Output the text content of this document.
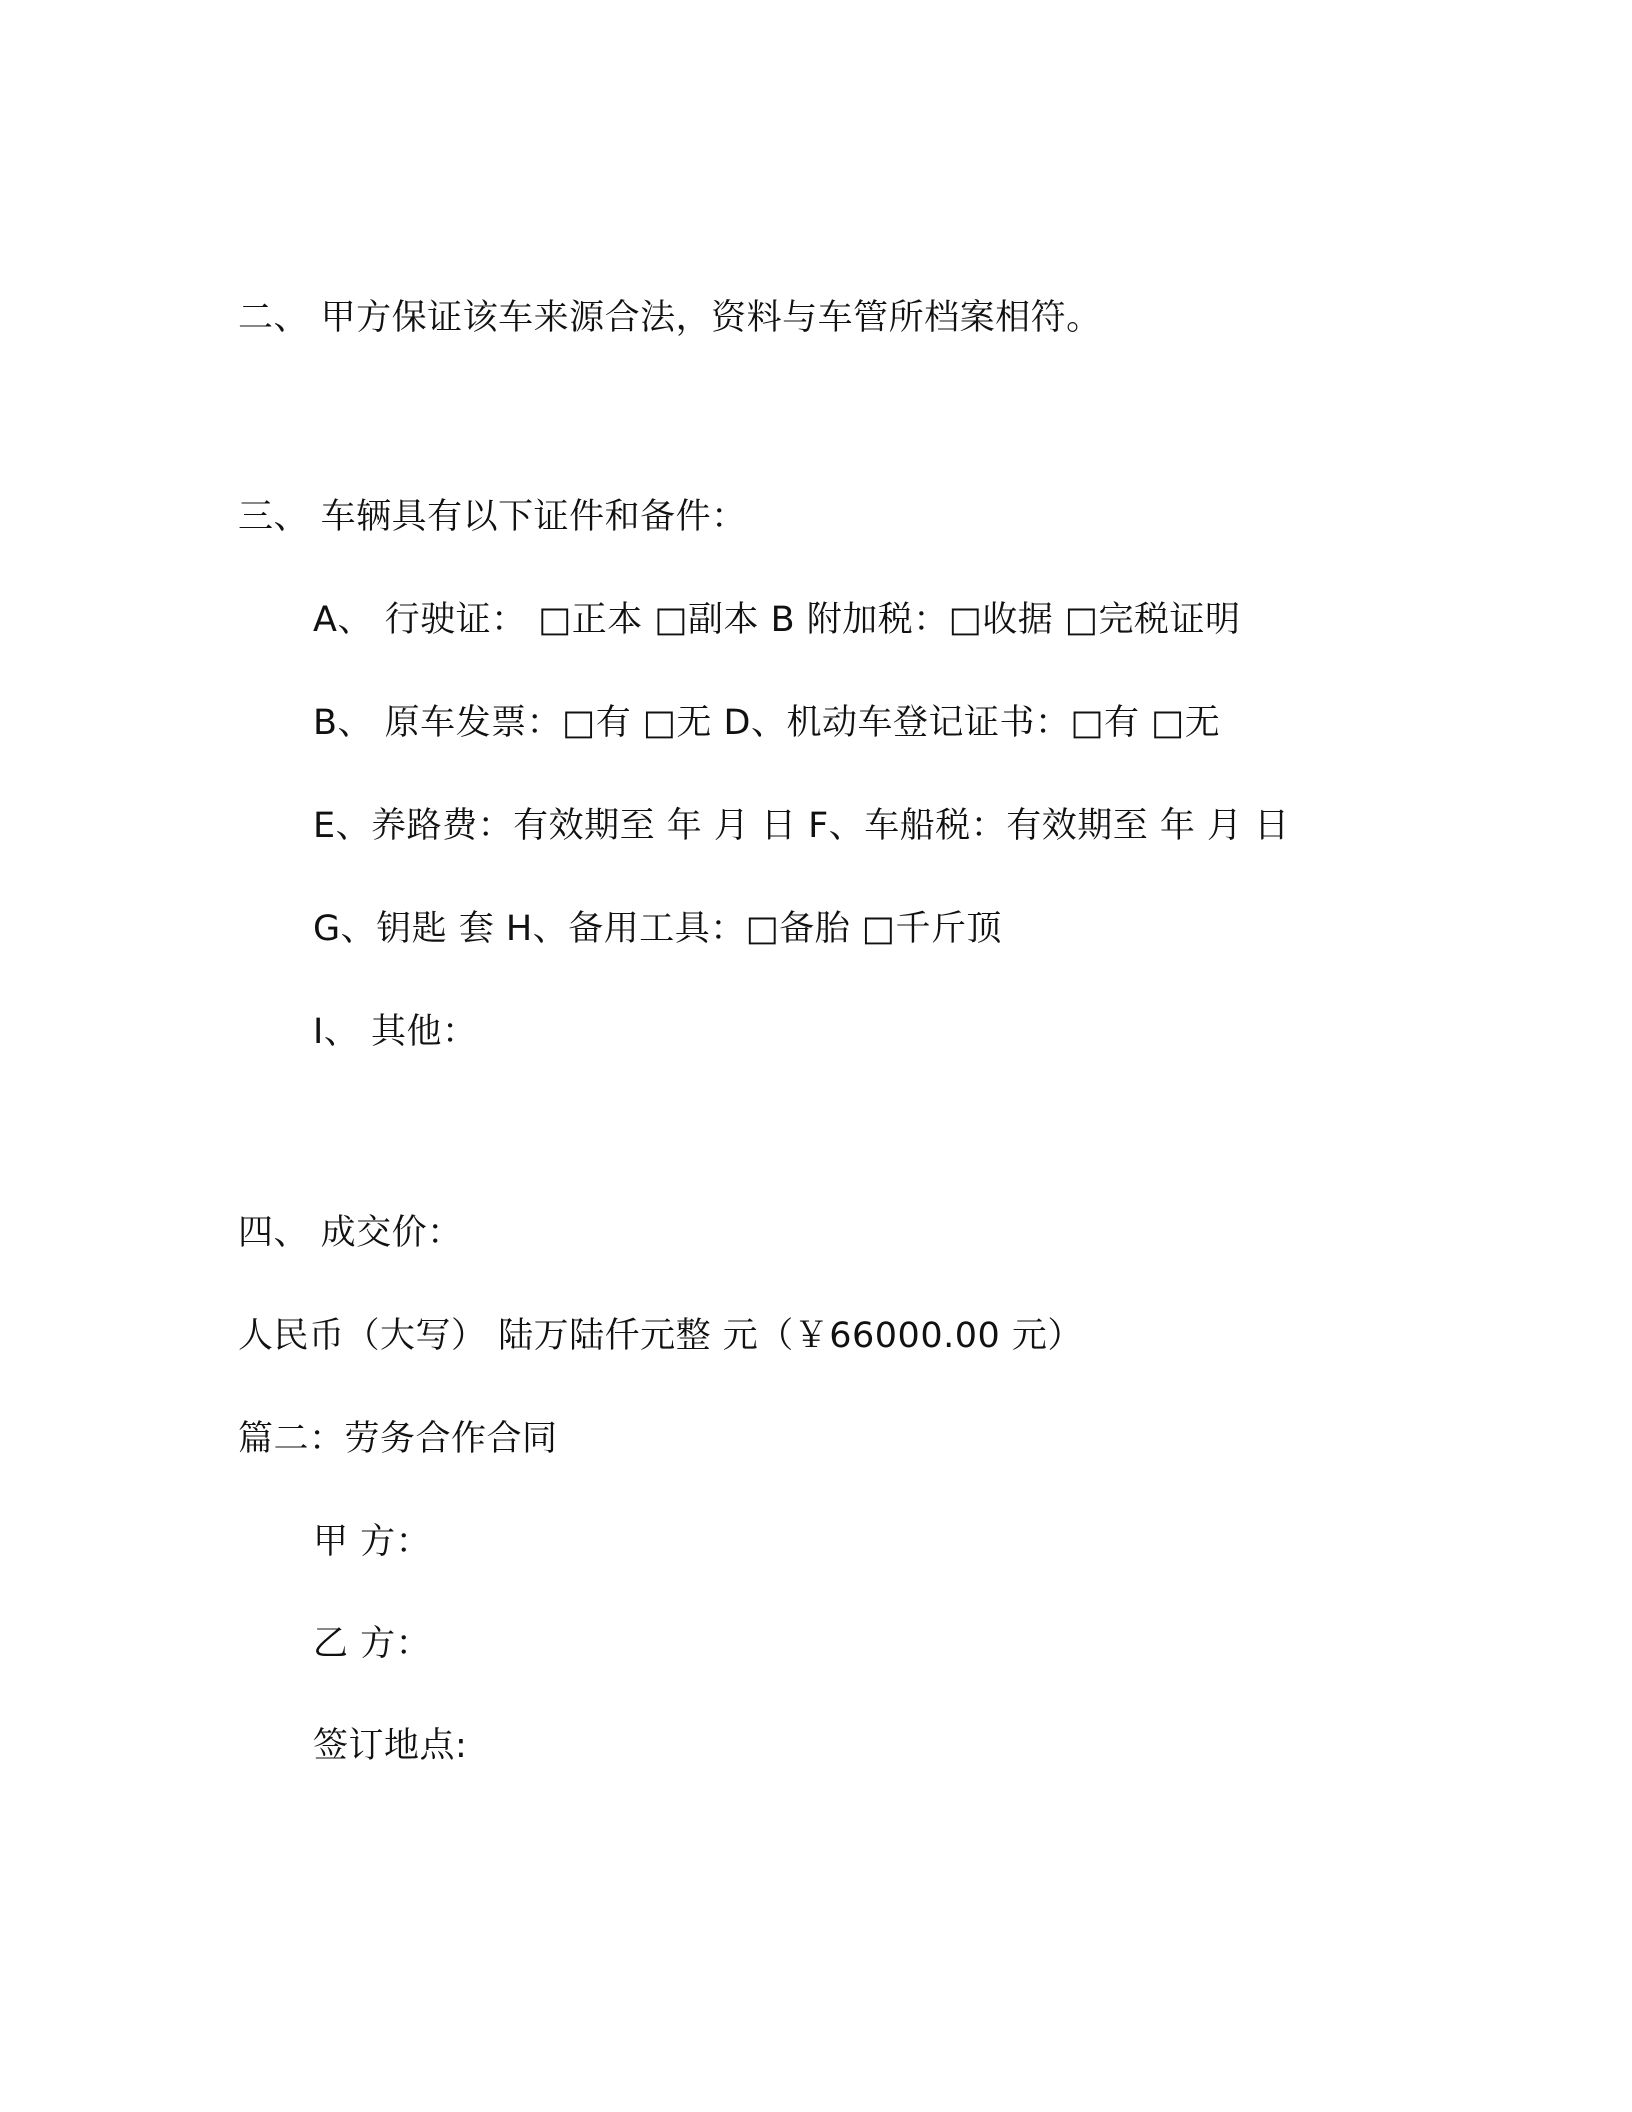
二、 甲方保证该车来源合法，资料与车管所档案相符。
三、 车辆具有以下证件和备件：
A、 行驶证： □正本 □副本 B 附加税：□收据 □完税证明
B、 原车发票：□有 □无 D、机动车登记证书：□有 □无
E、养路费：有效期至 年 月 日 F、车船税：有效期至 年 月 日
G、钥匙 套 H、备用工具：□备胎 □千斤顶
I、 其他：
四、 成交价：
人民币（大写） 陆万陆仟元整 元（￥66000.00 元）
篇二：劳务合作合同
甲 方：
乙 方：
签订地点:
